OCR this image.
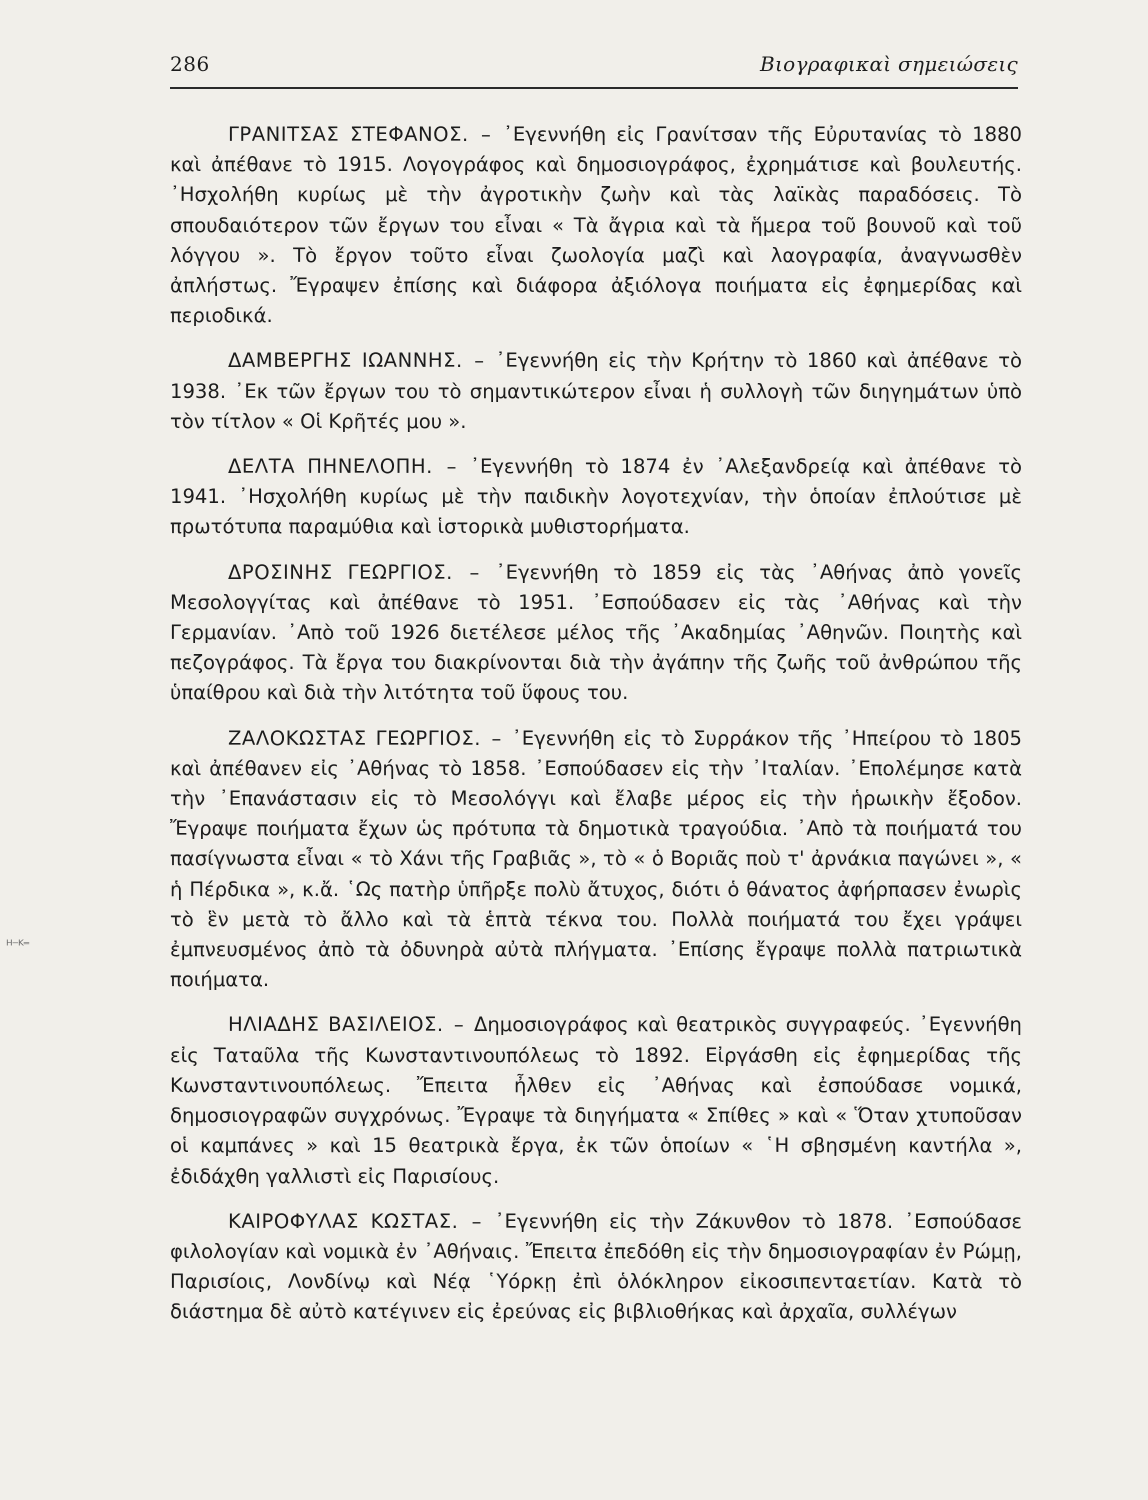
286	Βιογραφικαὶ σημειώσεις
⁠ᴴ⁻ᴷ⁼

ΓΡΑΝΙΤΣΑΣ ΣΤΕΦΑΝΟΣ. – ᾿Εγεννήθη εἰς Γρανίτσαν τῆς Εὐρυτανίας τὸ 1880 καὶ ἀπέθανε τὸ 1915. Λογογράφος καὶ δημοσιογράφος, ἐχρημάτισε καὶ βουλευτής. ᾿Ησχολήθη κυρίως μὲ τὴν ἀγροτικὴν ζωὴν καὶ τὰς λαϊκὰς παραδόσεις. Τὸ σπουδαιότερον τῶν ἔργων του εἶναι « Τὰ ἄγρια καὶ τὰ ἥμερα τοῦ βουνοῦ καὶ τοῦ λόγγου ». Τὸ ἔργον τοῦτο εἶναι ζωολογία μαζὶ καὶ λαογραφία, ἀναγνωσθὲν ἀπλήστως. Ἔγραψεν ἐπίσης καὶ διάφορα ἀξιόλογα ποιήματα εἰς ἐφημερίδας καὶ περιοδικά.

ΔΑΜΒΕΡΓΗΣ ΙΩΑΝΝΗΣ. – ᾿Εγεννήθη εἰς τὴν Κρήτην τὸ 1860 καὶ ἀπέθανε τὸ 1938. ᾿Εκ τῶν ἔργων του τὸ σημαντικώτερον εἶναι ἡ συλλογὴ τῶν διηγημάτων ὑπὸ τὸν τίτλον « Οἱ Κρῆτές μου ».

ΔΕΛΤΑ ΠΗΝΕΛΟΠΗ. – ᾿Εγεννήθη τὸ 1874 ἐν ᾿Αλεξανδρείᾳ καὶ ἀπέθανε τὸ 1941. ᾿Ησχολήθη κυρίως μὲ τὴν παιδικὴν λογοτεχνίαν, τὴν ὁποίαν ἐπλούτισε μὲ πρωτότυπα παραμύθια καὶ ἱστορικὰ μυθιστορήματα.

ΔΡΟΣΙΝΗΣ ΓΕΩΡΓΙΟΣ. – ᾿Εγεννήθη τὸ 1859 εἰς τὰς ᾿Αθήνας ἀπὸ γονεῖς Μεσολογγίτας καὶ ἀπέθανε τὸ 1951. ᾿Εσπούδασεν εἰς τὰς ᾿Αθήνας καὶ τὴν Γερμανίαν. ᾿Απὸ τοῦ 1926 διετέλεσε μέλος τῆς ᾿Ακαδημίας ᾿Αθηνῶν. Ποιητὴς καὶ πεζογράφος. Τὰ ἔργα του διακρίνονται διὰ τὴν ἀγάπην τῆς ζωῆς τοῦ ἀνθρώπου τῆς ὑπαίθρου καὶ διὰ τὴν λιτότητα τοῦ ὕφους του.

ΖΑΛΟΚΩΣΤΑΣ ΓΕΩΡΓΙΟΣ. – ᾿Εγεννήθη εἰς τὸ Συρράκον τῆς ᾿Ηπείρου τὸ 1805 καὶ ἀπέθανεν εἰς ᾿Αθήνας τὸ 1858. ᾿Εσπούδασεν εἰς τὴν ᾿Ιταλίαν. ᾿Επολέμησε κατὰ τὴν ᾿Επανάστασιν εἰς τὸ Μεσολόγγι καὶ ἔλαβε μέρος εἰς τὴν ἡρωικὴν ἔξοδον. Ἔγραψε ποιήματα ἔχων ὡς πρότυπα τὰ δημοτικὰ τραγούδια. ᾿Απὸ τὰ ποιήματά του πασίγνωστα εἶναι « τὸ Χάνι τῆς Γραβιᾶς », τὸ « ὁ Βοριᾶς ποὺ τ' ἀρνάκια παγώνει », « ἡ Πέρδικα », κ.ἄ. ῾Ως πατὴρ ὑπῆρξε πολὺ ἄτυχος, διότι ὁ θάνατος ἀφήρπασεν ἐνωρὶς τὸ ἓν μετὰ τὸ ἄλλο καὶ τὰ ἑπτὰ τέκνα του. Πολλὰ ποιήματά του ἔχει γράψει ἐμπνευσμένος ἀπὸ τὰ ὀδυνηρὰ αὐτὰ πλήγματα. ᾿Επίσης ἔγραψε πολλὰ πατριωτικὰ ποιήματα.

ΗΛΙΑΔΗΣ ΒΑΣΙΛΕΙΟΣ. – Δημοσιογράφος καὶ θεατρικὸς συγγραφεύς. ᾿Εγεννήθη εἰς Ταταῦλα τῆς Κωνσταντινουπόλεως τὸ 1892. Εἰργάσθη εἰς ἐφημερίδας τῆς Κωνσταντινουπόλεως. Ἔπειτα ἦλθεν εἰς ᾿Αθήνας καὶ ἐσπούδασε νομικά, δημοσιογραφῶν συγχρόνως. Ἔγραψε τὰ διηγήματα « Σπίθες » καὶ « Ὅταν χτυποῦσαν οἱ καμπάνες » καὶ 15 θεατρικὰ ἔργα, ἐκ τῶν ὁποίων « ῾Η σβησμένη καντήλα », ἐδιδάχθη γαλλιστὶ εἰς Παρισίους.

ΚΑΙΡΟΦΥΛΑΣ ΚΩΣΤΑΣ. – ᾿Εγεννήθη εἰς τὴν Ζάκυνθον τὸ 1878. ᾿Εσπούδασε φιλολογίαν καὶ νομικὰ ἐν ᾿Αθήναις. Ἔπειτα ἐπεδόθη εἰς τὴν δημοσιογραφίαν ἐν Ρώμῃ, Παρισίοις, Λονδίνῳ καὶ Νέᾳ ῾Υόρκῃ ἐπὶ ὁλόκληρον εἰκοσιπενταετίαν. Κατὰ τὸ διάστημα δὲ αὐτὸ κατέγινεν εἰς ἐρεύνας εἰς βιβλιοθήκας καὶ ἀρχαῖα, συλλέγων
